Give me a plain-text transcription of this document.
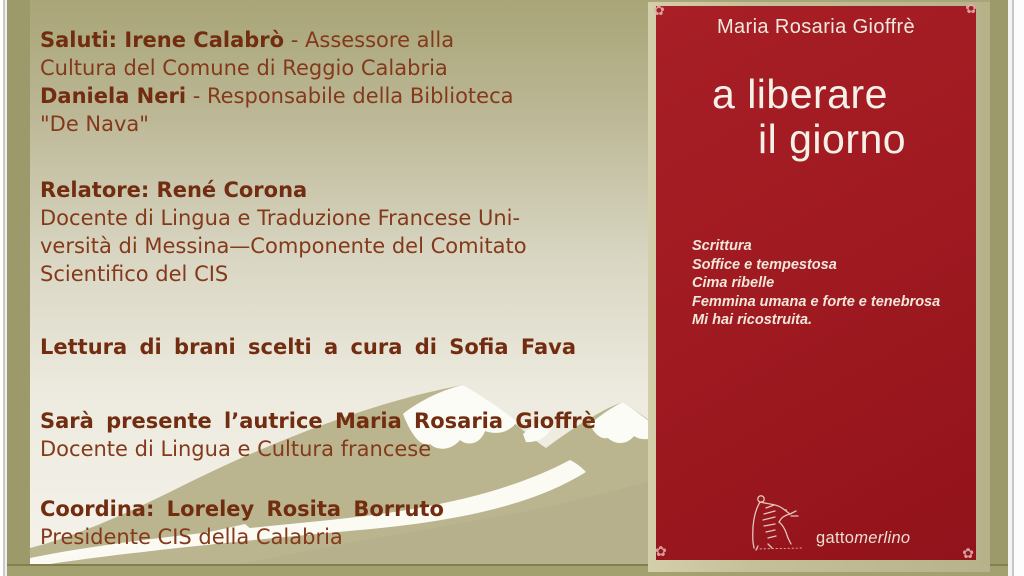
Saluti: Irene Calabrò - Assessore alla
Cultura del Comune di Reggio Calabria
Daniela Neri - Responsabile della Biblioteca
"De Nava"

Relatore: René Corona
Docente di Lingua e Traduzione Francese Uni-
versità di Messina—Componente del Comitato
Scientifico del CIS

Lettura di brani scelti a cura di Sofia Fava

Sarà presente l’autrice Maria Rosaria Gioffrè
Docente di Lingua e Cultura francese

Coordina: Loreley Rosita Borruto
Presidente CIS della Calabria

✿	✿
✿	✿
Maria Rosaria Gioffrè
a liberare
il giorno
Scrittura
Soffice e tempestosa
Cima ribelle
Femmina umana e forte e tenebrosa
Mi hai ricostruita.
gattomerlino
